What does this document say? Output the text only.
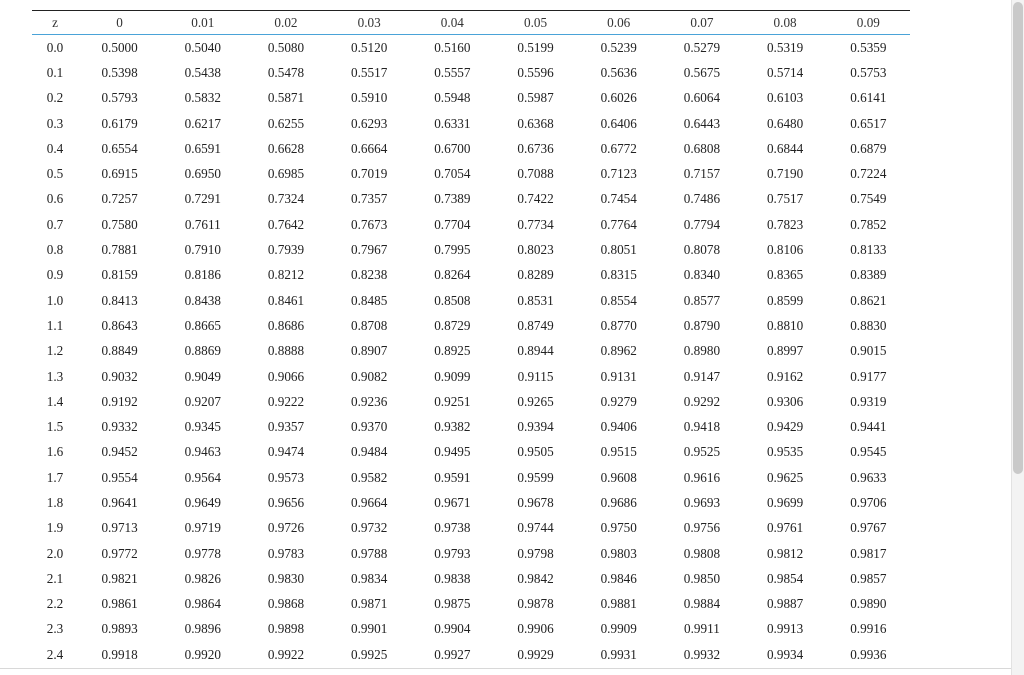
z	0	0.01	0.02	0.03	0.04	0.05	0.06	0.07	0.08	0.09
0.0	0.5000	0.5040	0.5080	0.5120	0.5160	0.5199	0.5239	0.5279	0.5319	0.5359
0.1	0.5398	0.5438	0.5478	0.5517	0.5557	0.5596	0.5636	0.5675	0.5714	0.5753
0.2	0.5793	0.5832	0.5871	0.5910	0.5948	0.5987	0.6026	0.6064	0.6103	0.6141
0.3	0.6179	0.6217	0.6255	0.6293	0.6331	0.6368	0.6406	0.6443	0.6480	0.6517
0.4	0.6554	0.6591	0.6628	0.6664	0.6700	0.6736	0.6772	0.6808	0.6844	0.6879
0.5	0.6915	0.6950	0.6985	0.7019	0.7054	0.7088	0.7123	0.7157	0.7190	0.7224
0.6	0.7257	0.7291	0.7324	0.7357	0.7389	0.7422	0.7454	0.7486	0.7517	0.7549
0.7	0.7580	0.7611	0.7642	0.7673	0.7704	0.7734	0.7764	0.7794	0.7823	0.7852
0.8	0.7881	0.7910	0.7939	0.7967	0.7995	0.8023	0.8051	0.8078	0.8106	0.8133
0.9	0.8159	0.8186	0.8212	0.8238	0.8264	0.8289	0.8315	0.8340	0.8365	0.8389
1.0	0.8413	0.8438	0.8461	0.8485	0.8508	0.8531	0.8554	0.8577	0.8599	0.8621
1.1	0.8643	0.8665	0.8686	0.8708	0.8729	0.8749	0.8770	0.8790	0.8810	0.8830
1.2	0.8849	0.8869	0.8888	0.8907	0.8925	0.8944	0.8962	0.8980	0.8997	0.9015
1.3	0.9032	0.9049	0.9066	0.9082	0.9099	0.9115	0.9131	0.9147	0.9162	0.9177
1.4	0.9192	0.9207	0.9222	0.9236	0.9251	0.9265	0.9279	0.9292	0.9306	0.9319
1.5	0.9332	0.9345	0.9357	0.9370	0.9382	0.9394	0.9406	0.9418	0.9429	0.9441
1.6	0.9452	0.9463	0.9474	0.9484	0.9495	0.9505	0.9515	0.9525	0.9535	0.9545
1.7	0.9554	0.9564	0.9573	0.9582	0.9591	0.9599	0.9608	0.9616	0.9625	0.9633
1.8	0.9641	0.9649	0.9656	0.9664	0.9671	0.9678	0.9686	0.9693	0.9699	0.9706
1.9	0.9713	0.9719	0.9726	0.9732	0.9738	0.9744	0.9750	0.9756	0.9761	0.9767
2.0	0.9772	0.9778	0.9783	0.9788	0.9793	0.9798	0.9803	0.9808	0.9812	0.9817
2.1	0.9821	0.9826	0.9830	0.9834	0.9838	0.9842	0.9846	0.9850	0.9854	0.9857
2.2	0.9861	0.9864	0.9868	0.9871	0.9875	0.9878	0.9881	0.9884	0.9887	0.9890
2.3	0.9893	0.9896	0.9898	0.9901	0.9904	0.9906	0.9909	0.9911	0.9913	0.9916
2.4	0.9918	0.9920	0.9922	0.9925	0.9927	0.9929	0.9931	0.9932	0.9934	0.9936
